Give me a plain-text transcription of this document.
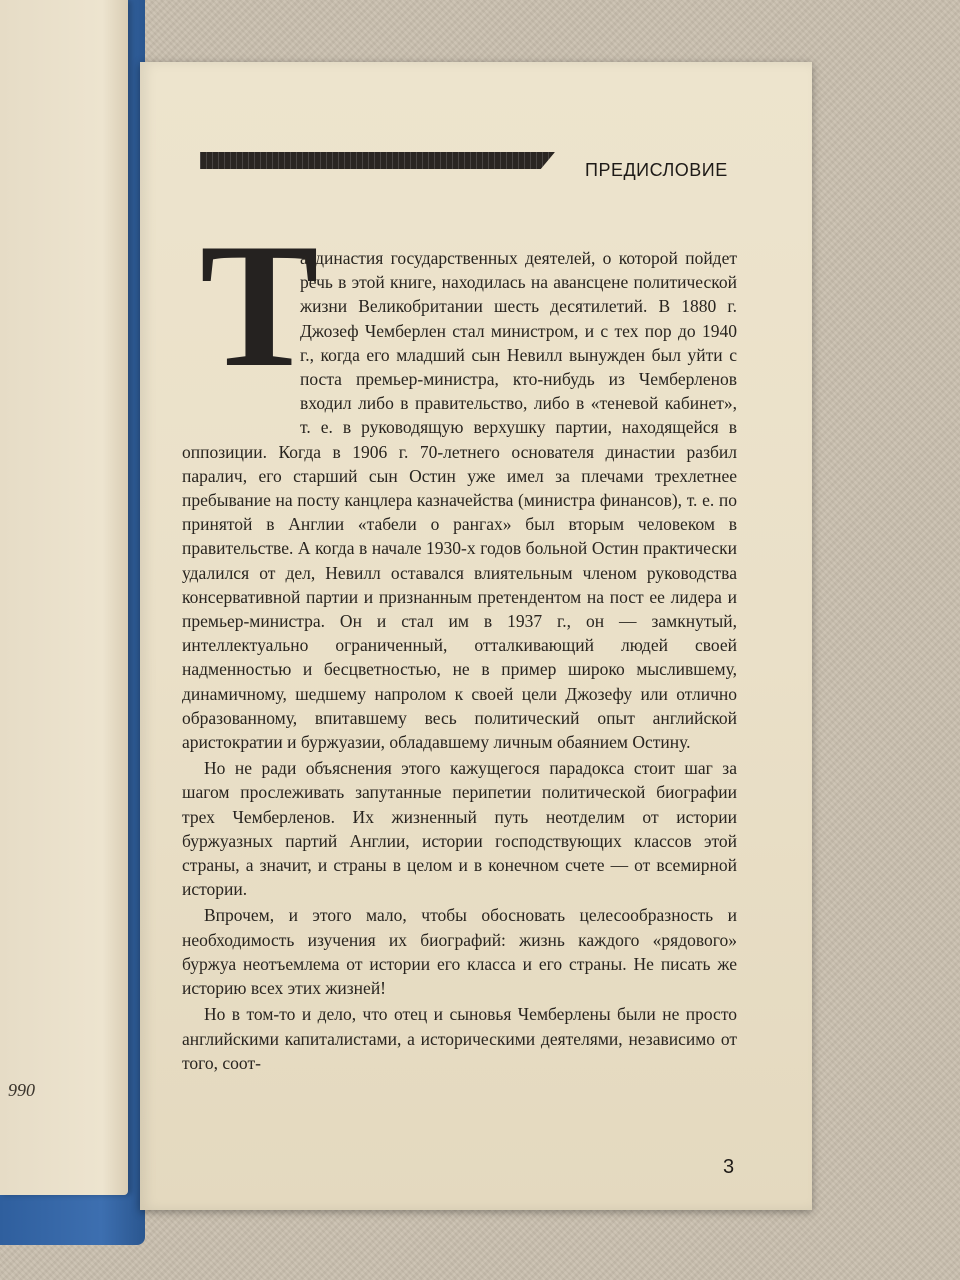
990
ПРЕДИСЛОВИЕ
Т

а династия государственных деятелей, о которой пойдет речь в этой книге, находилась на авансцене политической жизни Великобритании шесть десятилетий. В 1880 г.

Джозеф Чемберлен стал министром, и с тех пор до 1940 г., когда его младший сын Невилл вынужден был уйти с поста премьер-министра, кто-нибудь из Чемберленов входил либо в правительство, либо в «теневой кабинет», т. е. в руководящую верхушку партии, находящейся в оппозиции. Когда в 1906 г. 70-летнего основателя династии разбил паралич, его старший сын Остин уже имел за плечами трехлетнее пребывание на посту канцлера казначейства (министра финансов), т. е. по принятой в Англии «табели о рангах» был вторым человеком в правительстве. А когда в начале 1930-х годов больной Остин практически удалился от дел, Невилл оставался влиятельным членом руководства консервативной партии и признанным претендентом на пост ее лидера и премьер-министра. Он и стал им в 1937 г., он — замкнутый, интеллектуально ограниченный, отталкивающий людей своей надменностью и бесцветностью, не в пример широко мыслившему, динамичному, шедшему напролом к своей цели Джозефу или отлично образованному, впитавшему весь политический опыт английской аристократии и буржуазии, обладавшему личным обаянием Остину.

Но не ради объяснения этого кажущегося парадокса стоит шаг за шагом прослеживать запутанные перипетии политической биографии трех Чемберленов. Их жизненный путь неотделим от истории буржуазных партий Англии, истории господствующих классов этой страны, а значит, и страны в целом и в конечном счете — от всемирной истории.

Впрочем, и этого мало, чтобы обосновать целесообразность и необходимость изучения их биографий: жизнь каждого «рядового» буржуа неотъемлема от истории его класса и его страны. Не писать же историю всех этих жизней!

Но в том-то и дело, что отец и сыновья Чемберлены были не просто английскими капиталистами, а историческими деятелями, независимо от того, соот-

3
